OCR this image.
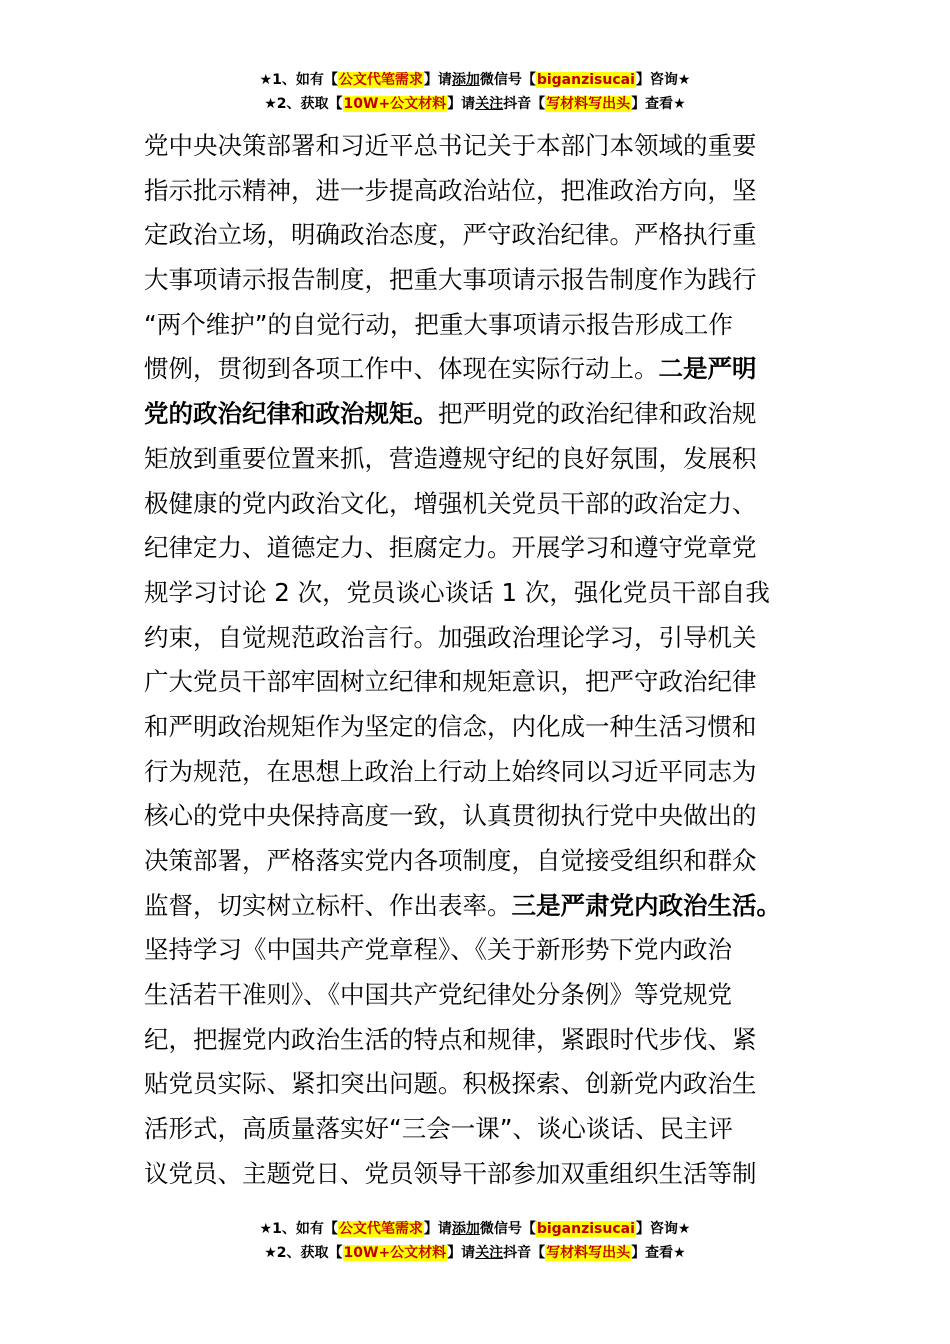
★1、如有【公文代笔需求】请添加微信号【biganzisucai】咨询★
★2、获取【10W+公文材料】请关注抖音【写材料写出头】查看★
党中央决策部署和习近平总书记关于本部门本领域的重要
指示批示精神，进一步提高政治站位，把准政治方向，坚
定政治立场，明确政治态度，严守政治纪律。严格执行重
大事项请示报告制度，把重大事项请示报告制度作为践行
“两个维护”的自觉行动，把重大事项请示报告形成工作
惯例，贯彻到各项工作中、体现在实际行动上。二是严明
党的政治纪律和政治规矩。把严明党的政治纪律和政治规
矩放到重要位置来抓，营造遵规守纪的良好氛围，发展积
极健康的党内政治文化，增强机关党员干部的政治定力、
纪律定力、道德定力、拒腐定力。开展学习和遵守党章党
规学习讨论 2 次，党员谈心谈话 1 次，强化党员干部自我
约束，自觉规范政治言行。加强政治理论学习，引导机关
广大党员干部牢固树立纪律和规矩意识，把严守政治纪律
和严明政治规矩作为坚定的信念，内化成一种生活习惯和
行为规范，在思想上政治上行动上始终同以习近平同志为
核心的党中央保持高度一致，认真贯彻执行党中央做出的
决策部署，严格落实党内各项制度，自觉接受组织和群众
监督，切实树立标杆、作出表率。三是严肃党内政治生活。
坚持学习《中国共产党章程》、《关于新形势下党内政治
生活若干准则》、《中国共产党纪律处分条例》等党规党
纪，把握党内政治生活的特点和规律，紧跟时代步伐、紧
贴党员实际、紧扣突出问题。积极探索、创新党内政治生
活形式，高质量落实好“三会一课”、谈心谈话、民主评
议党员、主题党日、党员领导干部参加双重组织生活等制
★1、如有【公文代笔需求】请添加微信号【biganzisucai】咨询★
★2、获取【10W+公文材料】请关注抖音【写材料写出头】查看★
